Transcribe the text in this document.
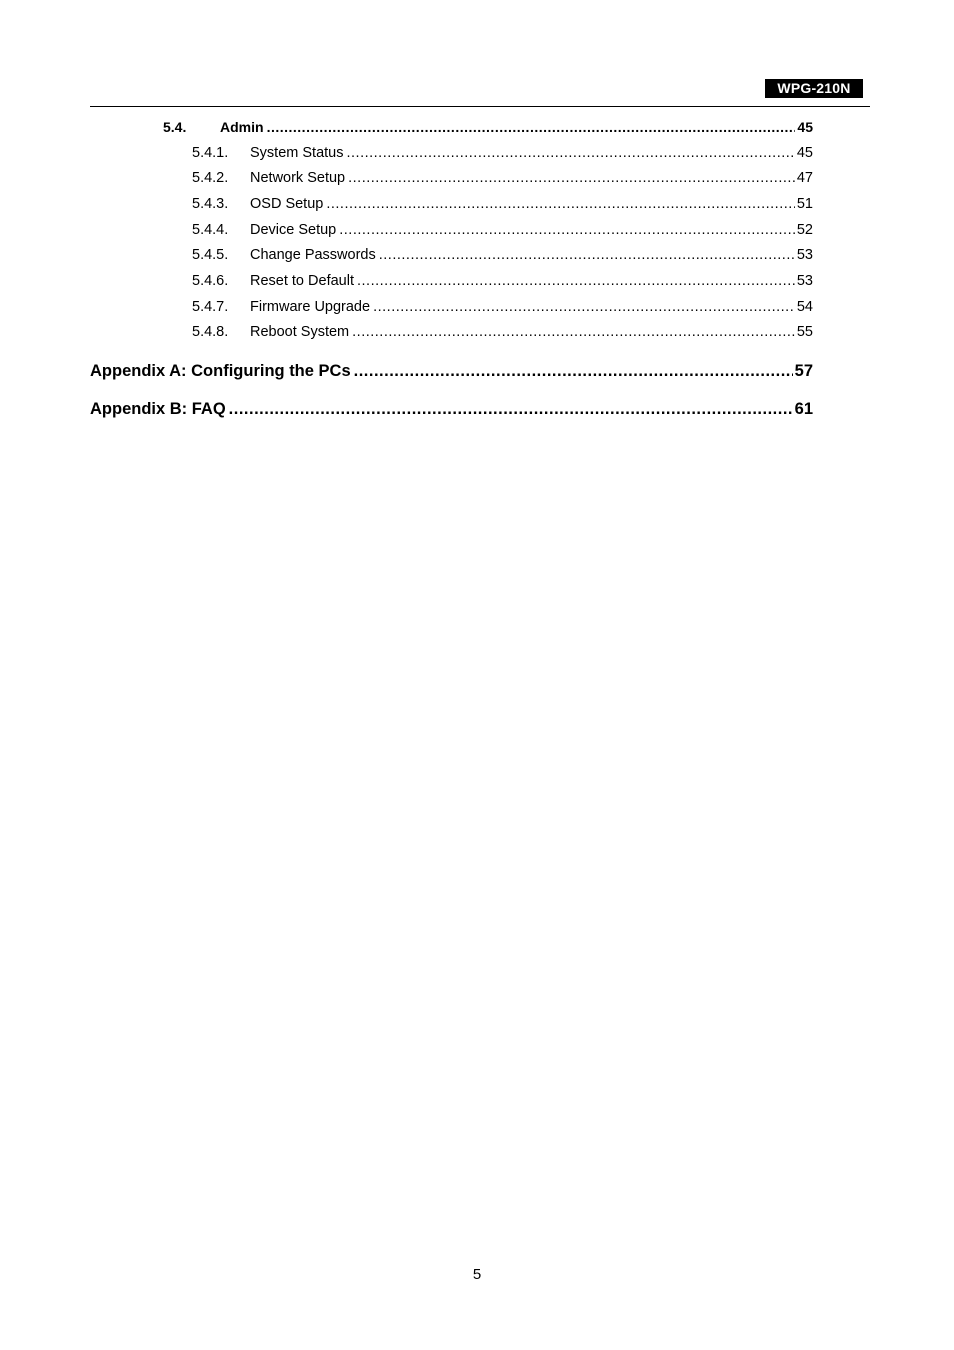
WPG-210N
5.4.	Admin .....	45
5.4.1.	System Status .....	45
5.4.2.	Network Setup .....	47
5.4.3.	OSD Setup .....	51
5.4.4.	Device Setup .....	52
5.4.5.	Change Passwords .....	53
5.4.6.	Reset to Default .....	53
5.4.7.	Firmware Upgrade .....	54
5.4.8.	Reboot System .....	55
Appendix A: Configuring the PCs .....	57
Appendix B: FAQ .....	61
5
